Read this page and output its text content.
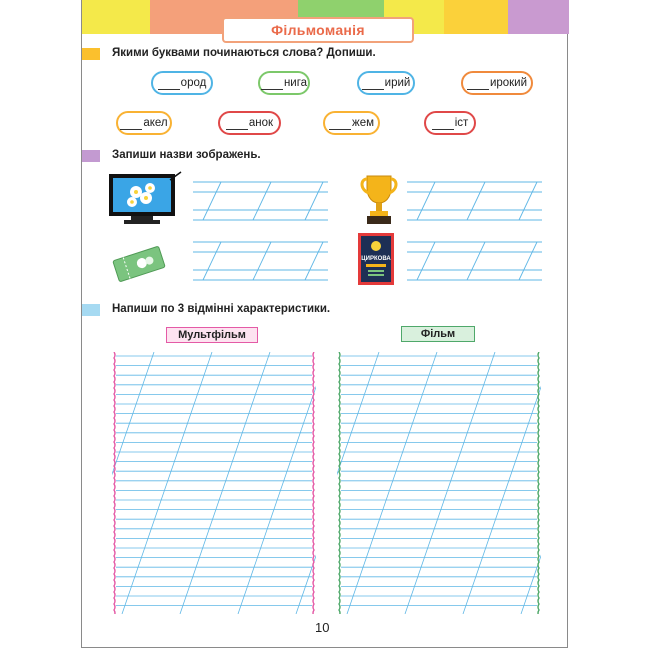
Фільмоманія
Якими буквами починаються слова? Допиши.
ород	нига	ирий	ирокий
акел	анок	жем	іст
Запиши назви зображень.
ЦИРКОВА
Напиши по 3 відмінні характеристики.
Мультфільм	Фільм
10
